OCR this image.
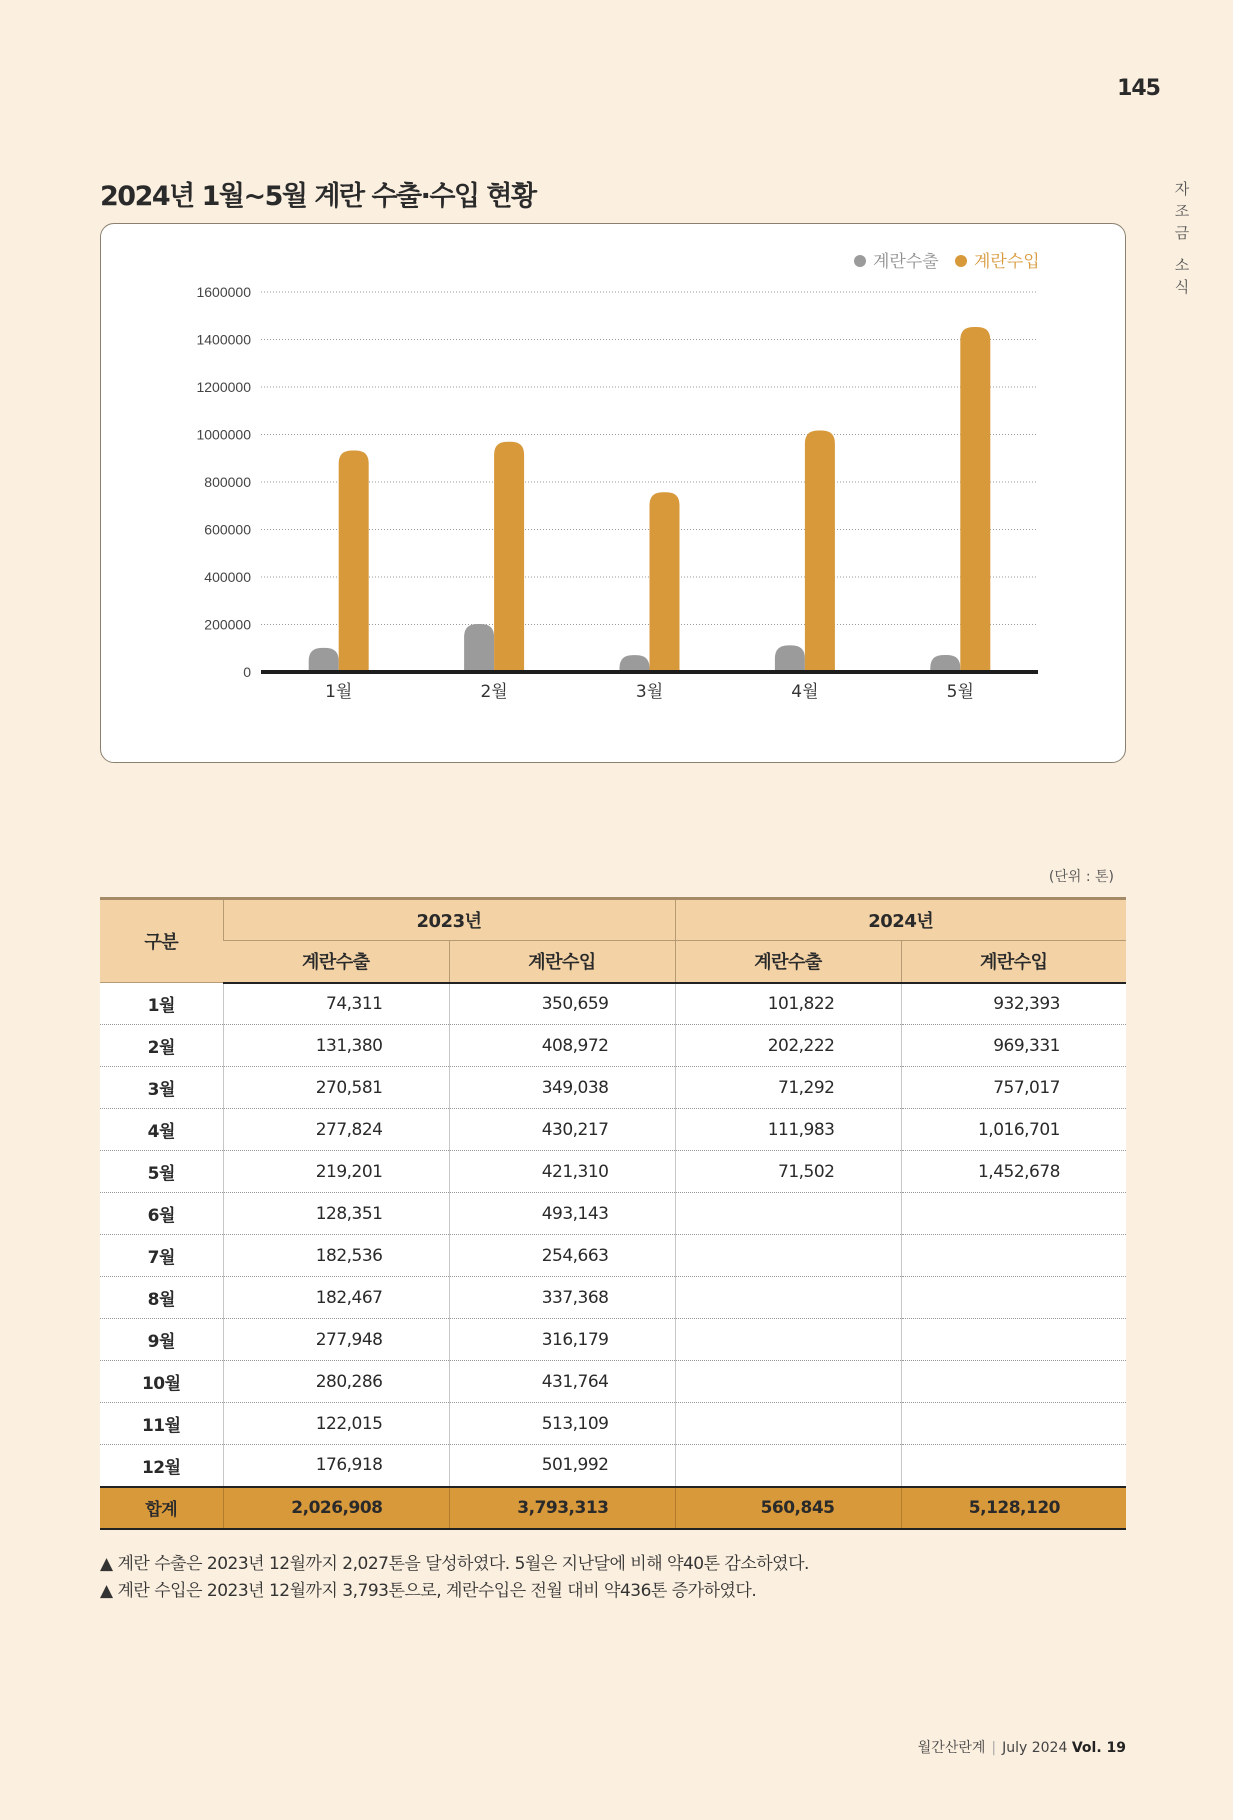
145
자
조
금
소
식
2024년 1월~5월 계란 수출·수입 현황
0
200000
400000
600000
800000
1000000
1200000
1400000
1600000
1월	2월	3월	4월	5월
계란수출 계란수입
(단위 : 톤)
구분	2023년		2024년	
	계란수출	계란수입	계란수출	계란수입
1월	74,311	350,659	101,822	932,393
2월	131,380	408,972	202,222	969,331
3월	270,581	349,038	71,292	757,017
4월	277,824	430,217	111,983	1,016,701
5월	219,201	421,310	71,502	1,452,678
6월	128,351	493,143		
7월	182,536	254,663		
8월	182,467	337,368		
9월	277,948	316,179		
10월	280,286	431,764		
11월	122,015	513,109		
12월	176,918	501,992		
합계	2,026,908	3,793,313	560,845	5,128,120

▲ 계란 수출은 2023년 12월까지 2,027톤을 달성하였다. 5월은 지난달에 비해 약40톤 감소하였다.

▲ 계란 수입은 2023년 12월까지 3,793톤으로, 계란수입은 전월 대비 약436톤 증가하였다.

월간산란계 | July 2024 Vol. 19
